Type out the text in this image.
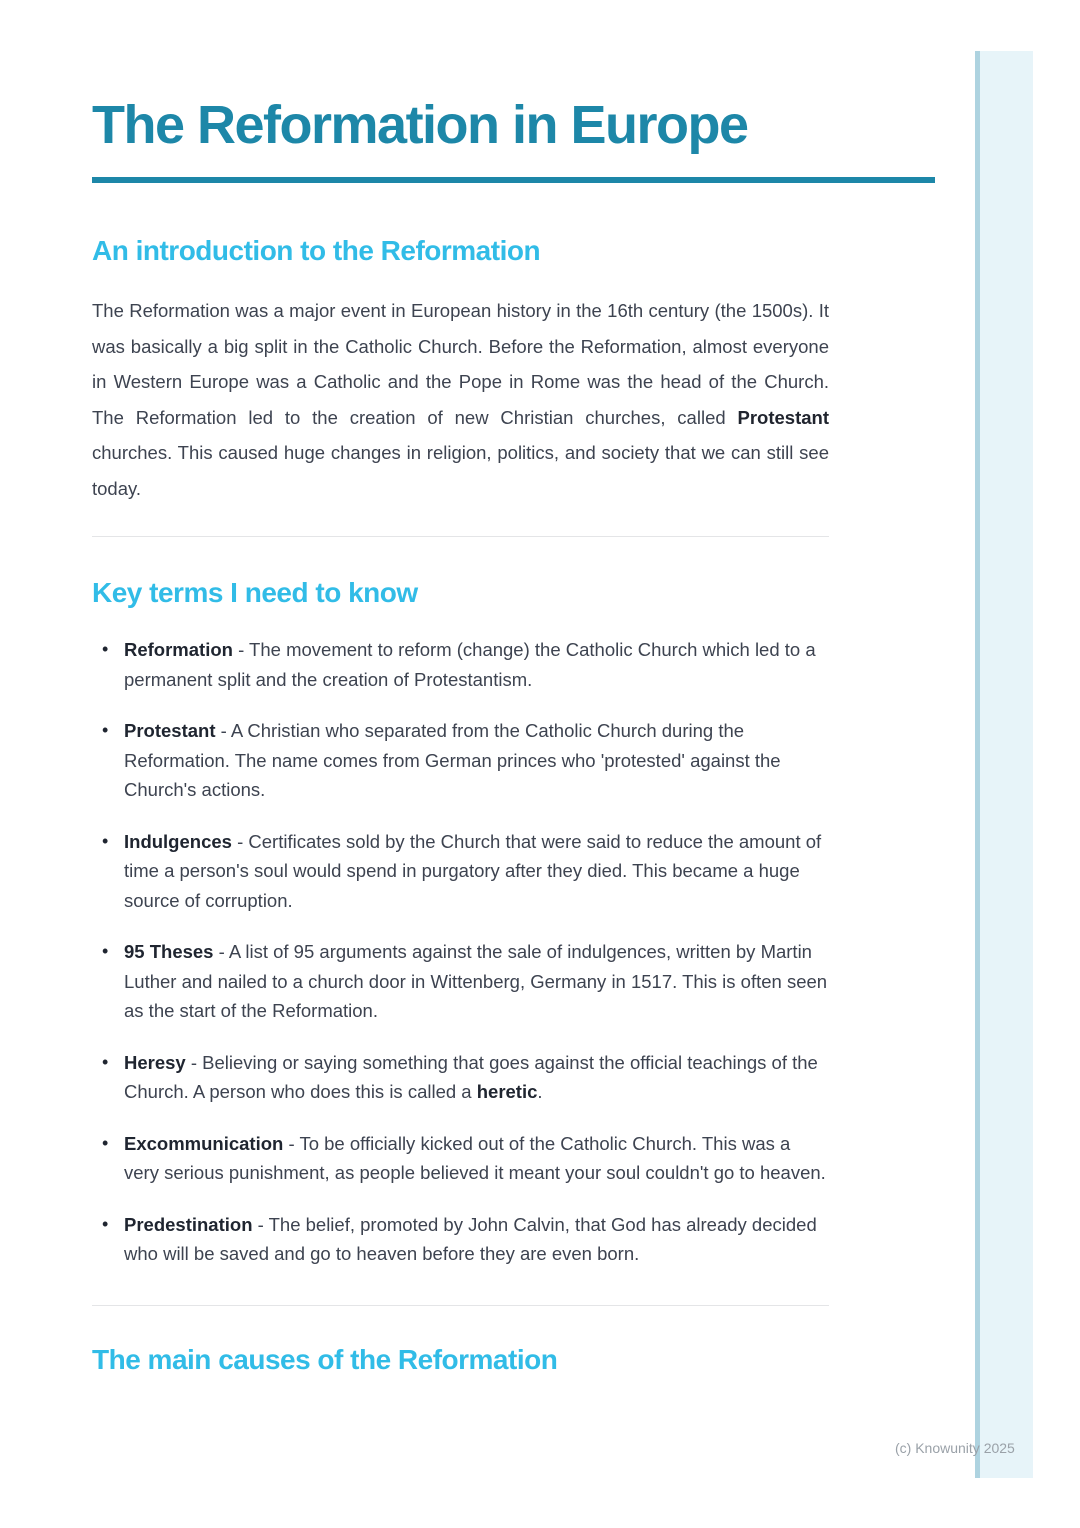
The Reformation in Europe
An introduction to the Reformation

The Reformation was a major event in European history in the 16th century (the 1500s). It was basically a big split in the Catholic Church. Before the Reformation, almost everyone in Western Europe was a Catholic and the Pope in Rome was the head of the Church. The Reformation led to the creation of new Christian churches, called Protestant churches. This caused huge changes in religion, politics, and society that we can still see today.

Key terms I need to know
• Reformation - The movement to reform (change) the Catholic Church which led to a permanent split and the creation of Protestantism.
• Protestant - A Christian who separated from the Catholic Church during the Reformation. The name comes from German princes who 'protested' against the Church's actions.
• Indulgences - Certificates sold by the Church that were said to reduce the amount of time a person's soul would spend in purgatory after they died. This became a huge source of corruption.
• 95 Theses - A list of 95 arguments against the sale of indulgences, written by Martin Luther and nailed to a church door in Wittenberg, Germany in 1517. This is often seen as the start of the Reformation.
• Heresy - Believing or saying something that goes against the official teachings of the Church. A person who does this is called a heretic.
• Excommunication - To be officially kicked out of the Catholic Church. This was a very serious punishment, as people believed it meant your soul couldn't go to heaven.
• Predestination - The belief, promoted by John Calvin, that God has already decided who will be saved and go to heaven before they are even born.
The main causes of the Reformation
(c) Knowunity 2025
